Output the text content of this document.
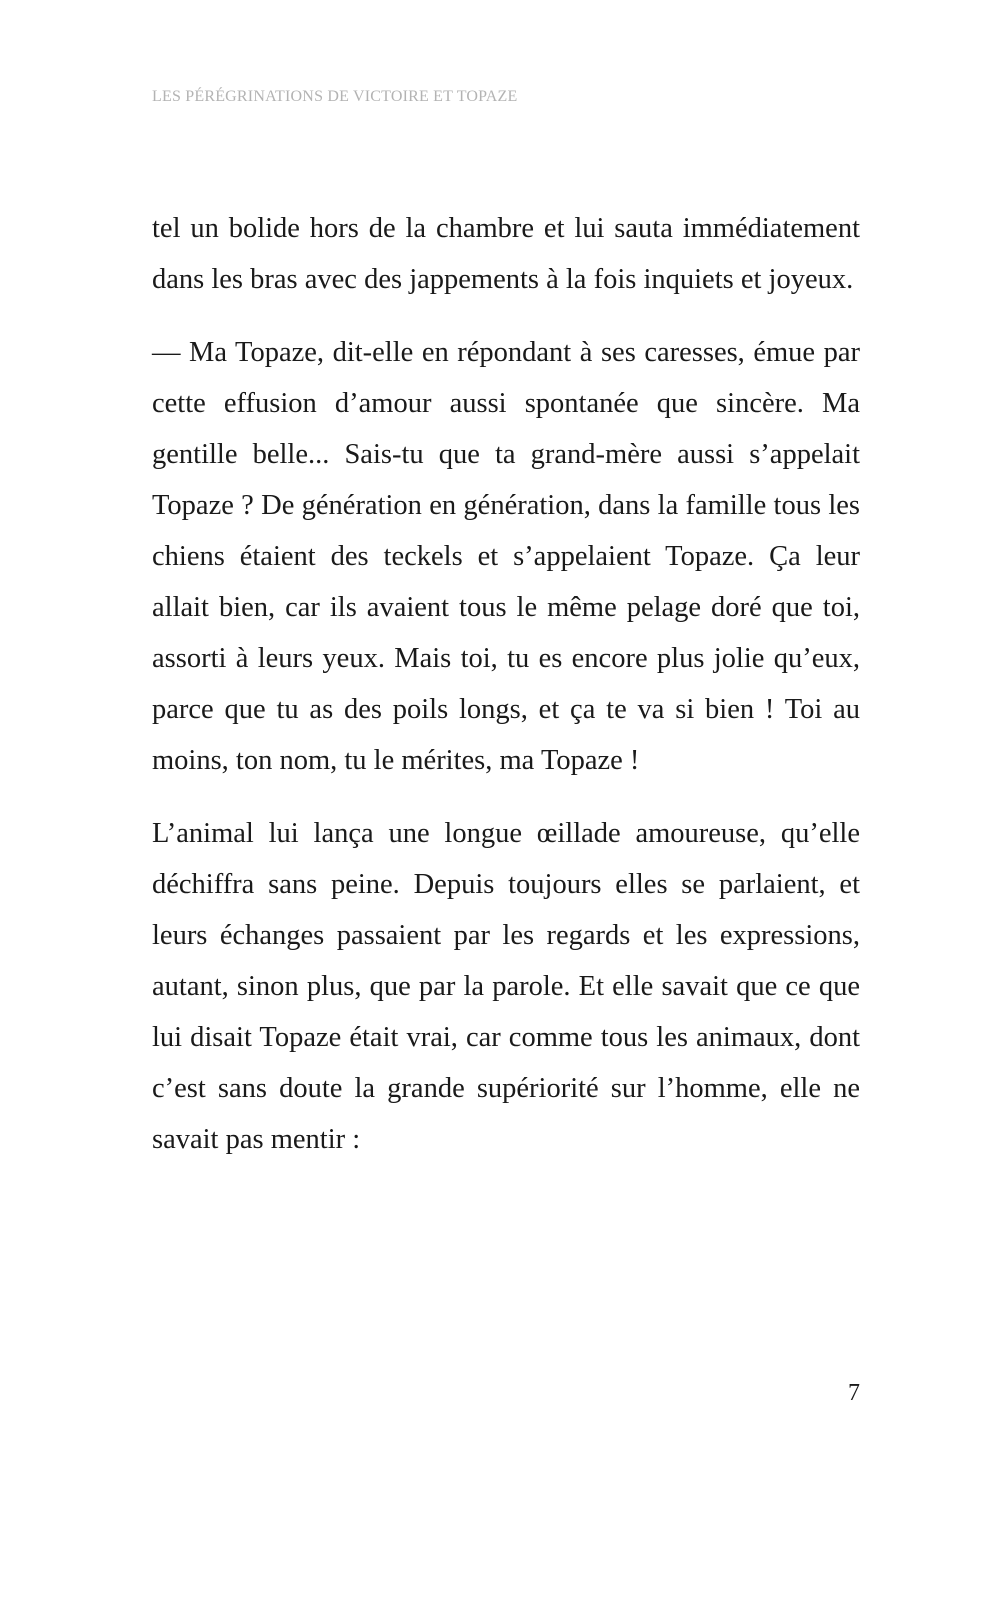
LES PÉRÉGRINATIONS DE VICTOIRE ET TOPAZE

tel un bolide hors de la chambre et lui sauta immédiatement dans les bras avec des jappements à la fois inquiets et joyeux.

— Ma Topaze, dit-elle en répondant à ses caresses, émue par cette effusion d’amour aussi spontanée que sincère. Ma gentille belle... Sais-tu que ta grand-mère aussi s’appelait Topaze ? De génération en génération, dans la famille tous les chiens étaient des teckels et s’appelaient Topaze. Ça leur allait bien, car ils avaient tous le même pelage doré que toi, assorti à leurs yeux. Mais toi, tu es encore plus jolie qu’eux, parce que tu as des poils longs, et ça te va si bien ! Toi au moins, ton nom, tu le mérites, ma Topaze !

L’animal lui lança une longue œillade amoureuse, qu’elle déchiffra sans peine. Depuis toujours elles se parlaient, et leurs échanges passaient par les regards et les expressions, autant, sinon plus, que par la parole. Et elle savait que ce que lui disait Topaze était vrai, car comme tous les animaux, dont c’est sans doute la grande supériorité sur l’homme, elle ne savait pas mentir :

7
